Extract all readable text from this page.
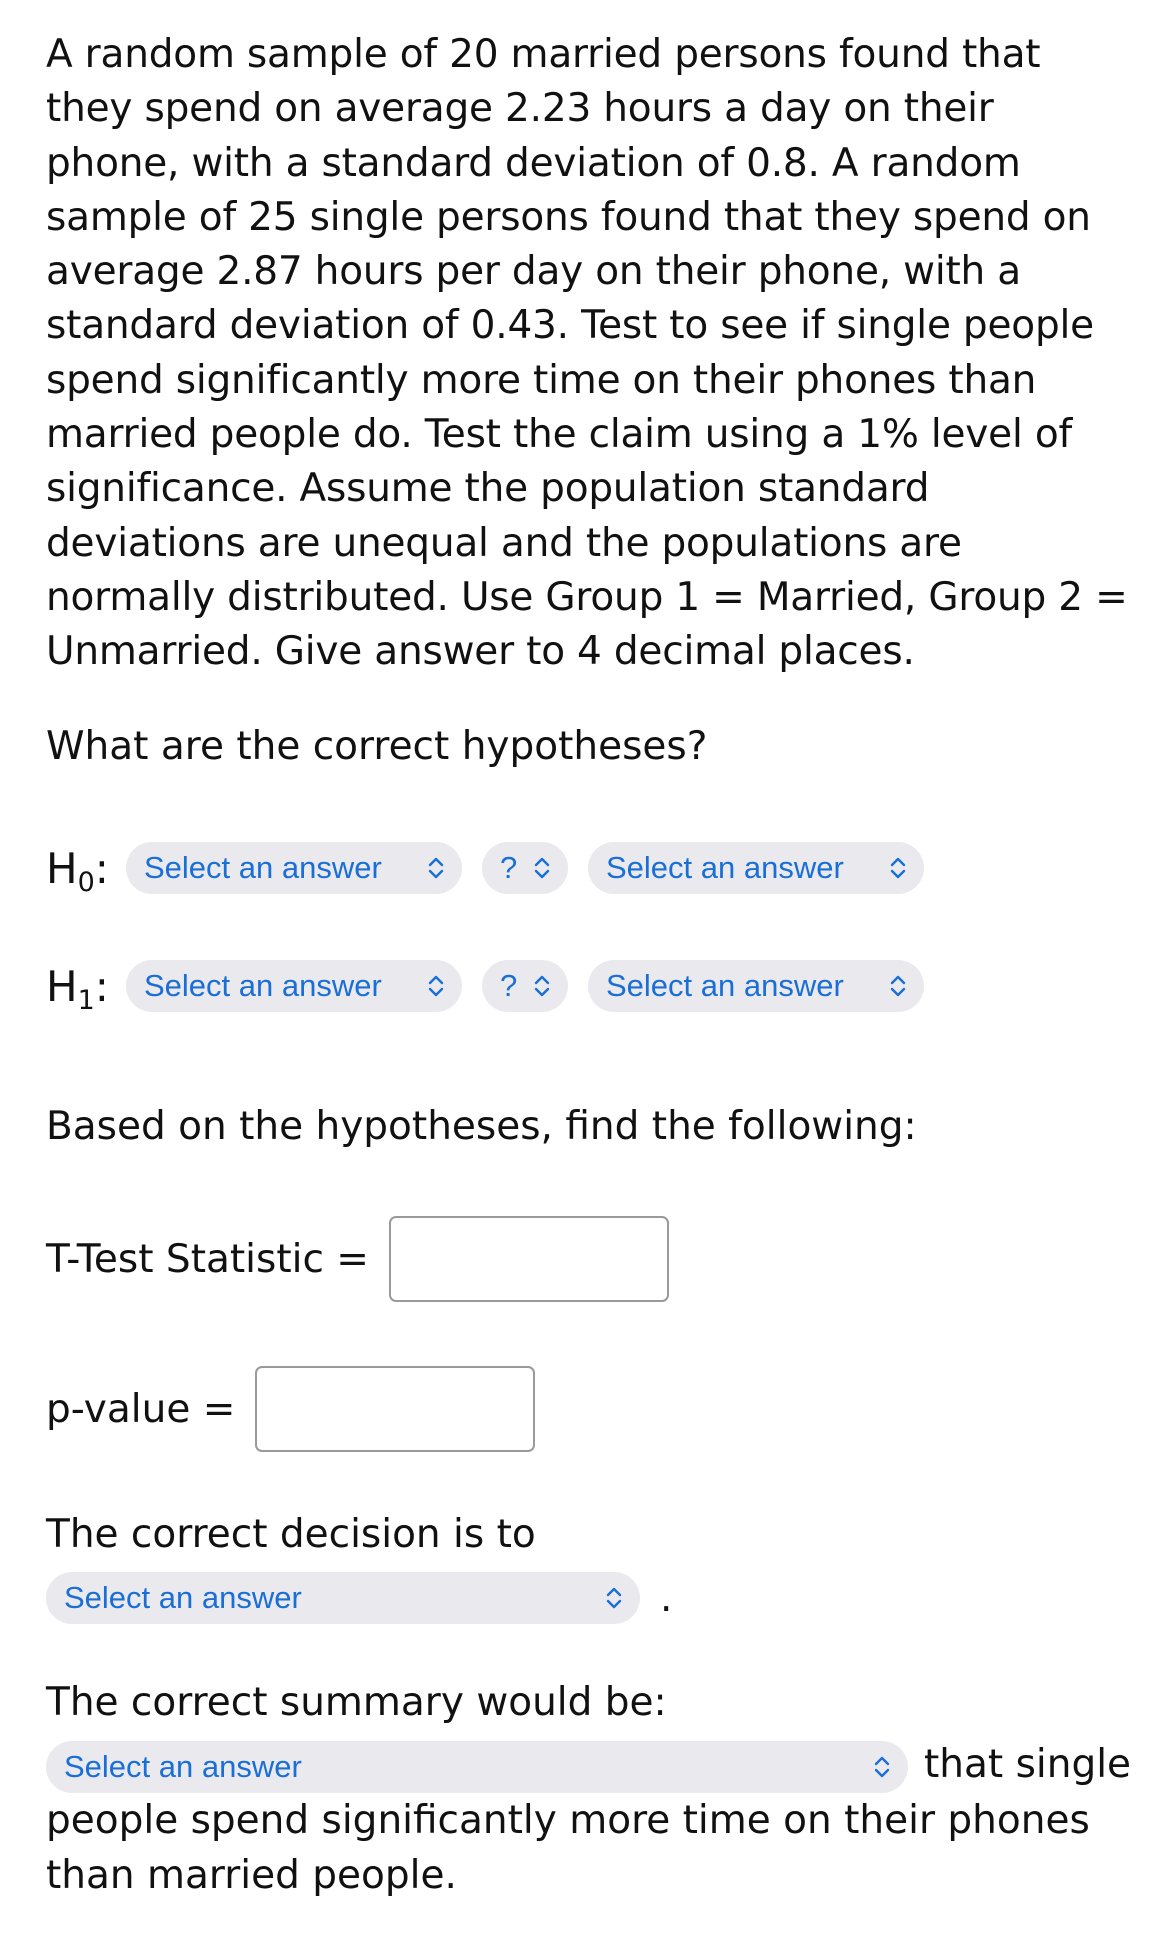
A random sample of 20 married persons found that they spend on average 2.23 hours a day on their phone, with a standard deviation of 0.8. A random sample of 25 single persons found that they spend on average 2.87 hours per day on their phone, with a standard deviation of 0.43. Test to see if single people spend significantly more time on their phones than married people do. Test the claim using a 1% level of significance. Assume the population standard deviations are unequal and the populations are normally distributed. Use Group 1 = Married, Group 2 = Unmarried. Give answer to 4 decimal places.

What are the correct hypotheses?

$H_0$ : Select an answer	?	Select an answer
$H_1$ : Select an answer	?	Select an answer

Based on the hypotheses, find the following:

T-Test Statistic =
p-value =

The correct decision is to

Select an answer	.

The correct summary would be:

Select an answer	that single people spend significantly more time on their phones than married people.
